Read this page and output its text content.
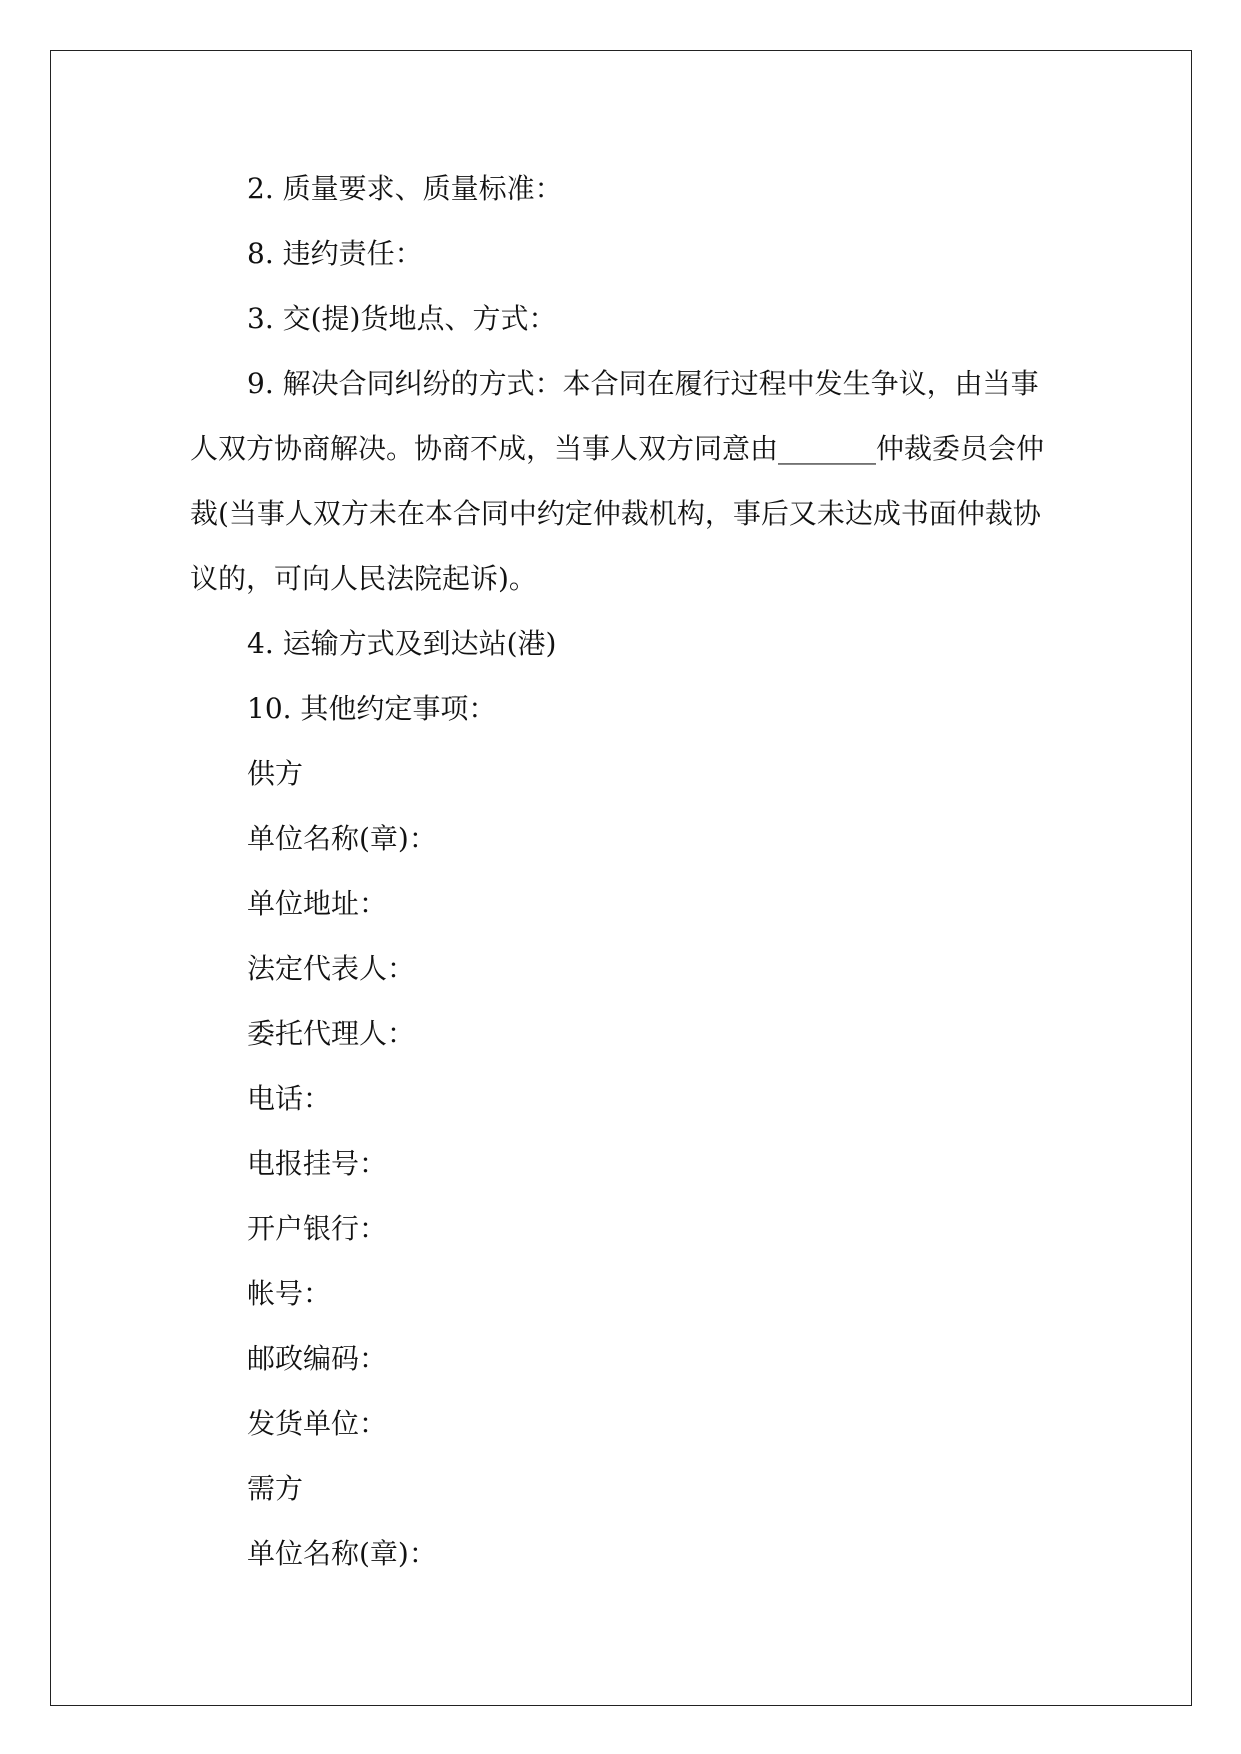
2. 质量要求、质量标准：

8. 违约责任：

3. 交(提)货地点、方式：

9. 解决合同纠纷的方式：本合同在履行过程中发生争议，由当事人双方协商解决。协商不成，当事人双方同意由_______仲裁委员会仲裁(当事人双方未在本合同中约定仲裁机构，事后又未达成书面仲裁协议的，可向人民法院起诉)。

4. 运输方式及到达站(港)

10. 其他约定事项：

供方

单位名称(章)：

单位地址：

法定代表人：

委托代理人：

电话：

电报挂号：

开户银行：

帐号：

邮政编码：

发货单位：

需方

单位名称(章)：
